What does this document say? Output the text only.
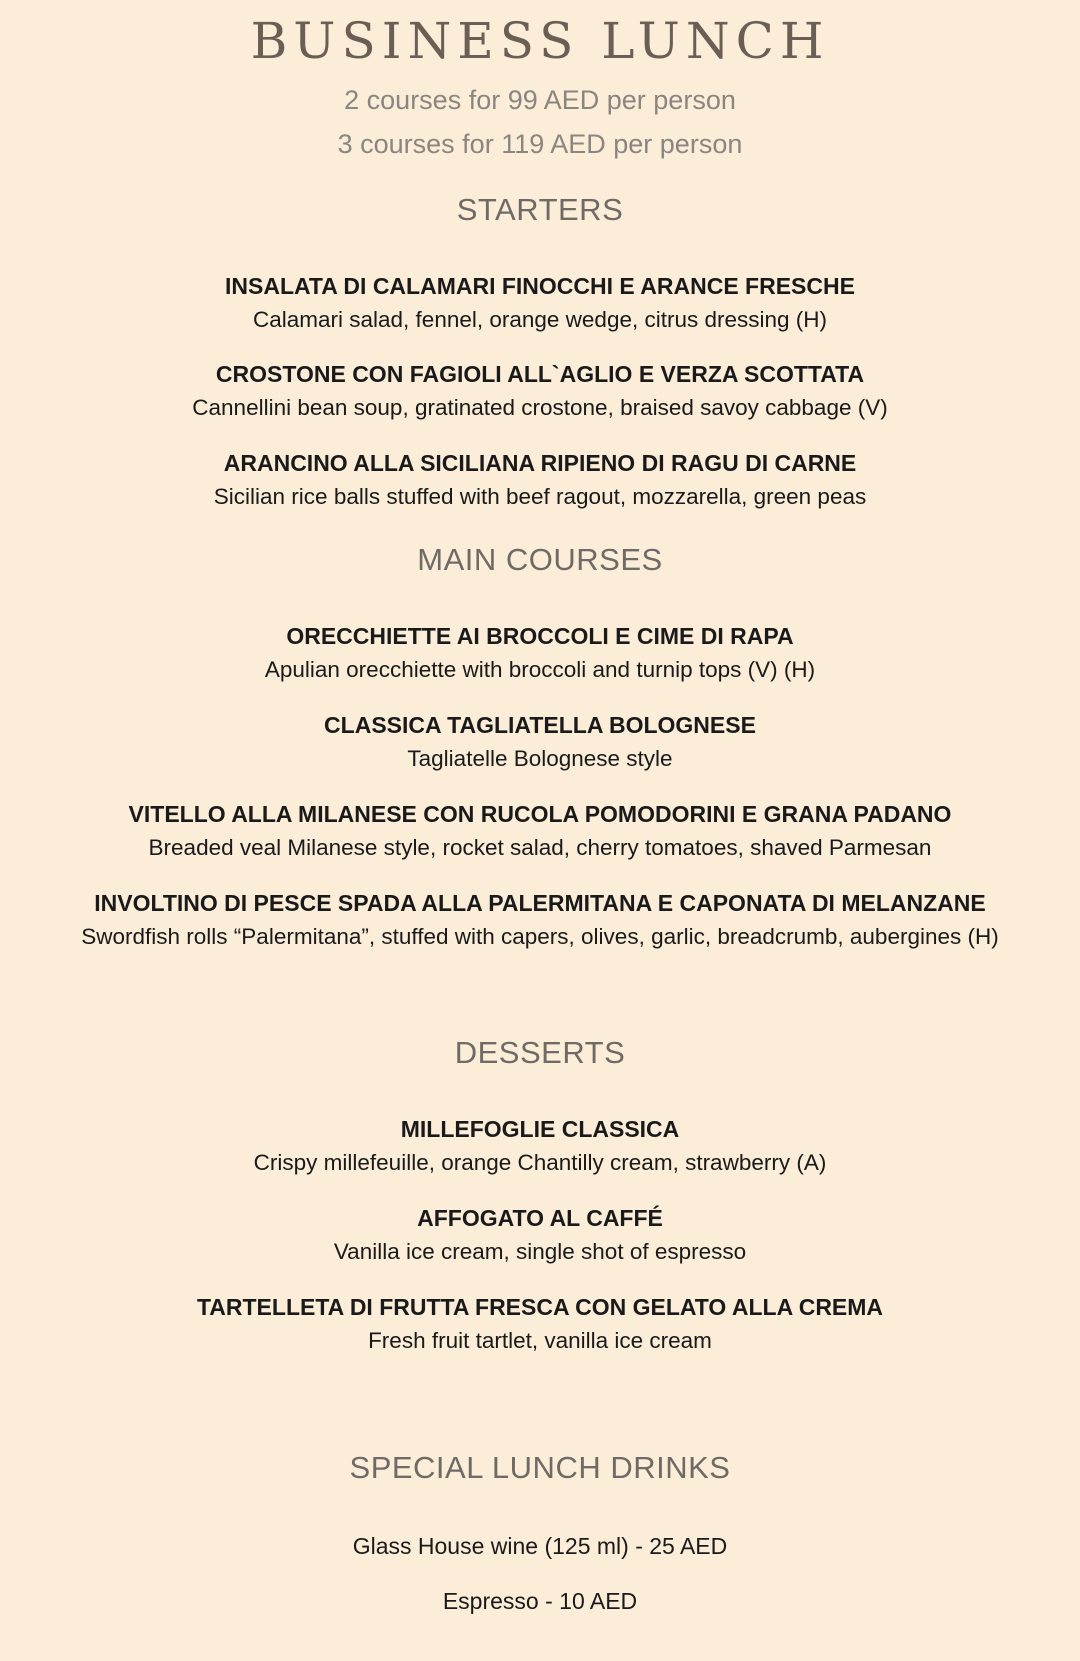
BUSINESS LUNCH
2 courses for 99 AED per person
3 courses for 119 AED per person
STARTERS
INSALATA DI CALAMARI FINOCCHI E ARANCE FRESCHE
Calamari salad, fennel, orange wedge, citrus dressing (H)
CROSTONE CON FAGIOLI ALL`AGLIO E VERZA SCOTTATA
Cannellini bean soup, gratinated crostone, braised savoy cabbage (V)
ARANCINO ALLA SICILIANA RIPIENO DI RAGU DI CARNE
Sicilian rice balls stuffed with beef ragout, mozzarella, green peas
MAIN COURSES
ORECCHIETTE AI BROCCOLI E CIME DI RAPA
Apulian orecchiette with broccoli and turnip tops (V) (H)
CLASSICA TAGLIATELLA BOLOGNESE
Tagliatelle Bolognese style
VITELLO ALLA MILANESE CON RUCOLA POMODORINI E GRANA PADANO
Breaded veal Milanese style, rocket salad, cherry tomatoes, shaved Parmesan
INVOLTINO DI PESCE SPADA ALLA PALERMITANA E CAPONATA DI MELANZANE
Swordfish rolls “Palermitana”, stuffed with capers, olives, garlic, breadcrumb, aubergines (H)
DESSERTS
MILLEFOGLIE CLASSICA
Crispy millefeuille, orange Chantilly cream, strawberry (A)
AFFOGATO AL CAFFÉ
Vanilla ice cream, single shot of espresso
TARTELLETA DI FRUTTA FRESCA CON GELATO ALLA CREMA
Fresh fruit tartlet, vanilla ice cream
SPECIAL LUNCH DRINKS
Glass House wine (125 ml) - 25 AED
Espresso - 10 AED
